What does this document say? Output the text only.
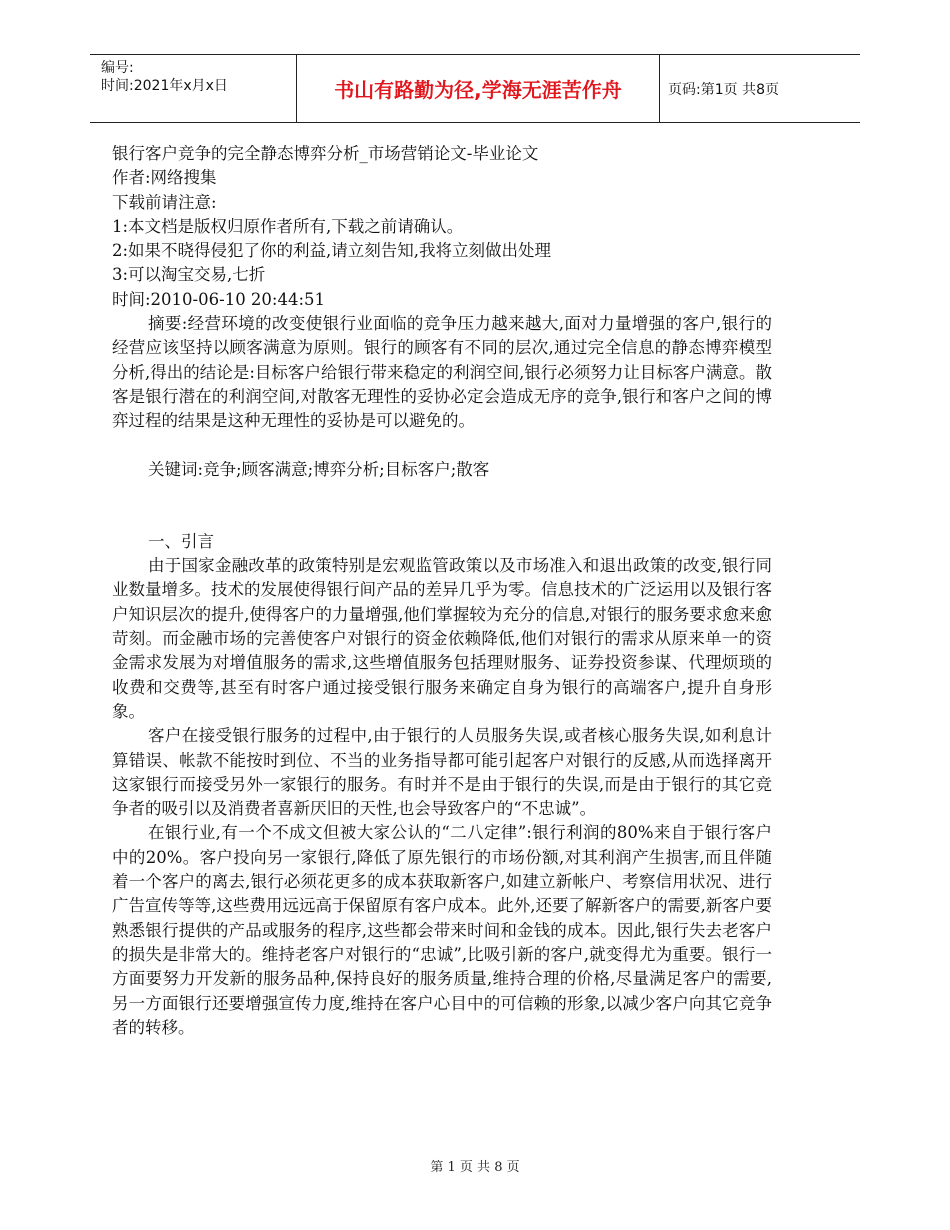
编号:
时间:2021年x月x日	书山有路勤为径,学海无涯苦作舟	页码:第1页 共8页
银行客户竞争的完全静态博弈分析_市场营销论文-毕业论文
作者:网络搜集
下载前请注意:
1:本文档是版权归原作者所有,下载之前请确认。
2:如果不晓得侵犯了你的利益,请立刻告知,我将立刻做出处理
3:可以淘宝交易,七折
时间:2010-06-10 20:44:51

摘要:经营环境的改变使银行业面临的竞争压力越来越大,面对力量增强的客户,银行的经营应该坚持以顾客满意为原则。银行的顾客有不同的层次,通过完全信息的静态博弈模型分析,得出的结论是:目标客户给银行带来稳定的利润空间,银行必须努力让目标客户满意。散客是银行潜在的利润空间,对散客无理性的妥协必定会造成无序的竞争,银行和客户之间的博弈过程的结果是这种无理性的妥协是可以避免的。

关键词:竞争;顾客满意;博弈分析;目标客户;散客

一、引言

由于国家金融改革的政策特别是宏观监管政策以及市场准入和退出政策的改变,银行同业数量增多。技术的发展使得银行间产品的差异几乎为零。信息技术的广泛运用以及银行客户知识层次的提升,使得客户的力量增强,他们掌握较为充分的信息,对银行的服务要求愈来愈苛刻。而金融市场的完善使客户对银行的资金依赖降低,他们对银行的需求从原来单一的资金需求发展为对增值服务的需求,这些增值服务包括理财服务、证券投资参谋、代理烦琐的收费和交费等,甚至有时客户通过接受银行服务来确定自身为银行的高端客户,提升自身形象。

客户在接受银行服务的过程中,由于银行的人员服务失误,或者核心服务失误,如利息计算错误、帐款不能按时到位、不当的业务指导都可能引起客户对银行的反感,从而选择离开这家银行而接受另外一家银行的服务。有时并不是由于银行的失误,而是由于银行的其它竞争者的吸引以及消费者喜新厌旧的天性,也会导致客户的“不忠诚”。

在银行业,有一个不成文但被大家公认的“二八定律”:银行利润的80%来自于银行客户中的20%。客户投向另一家银行,降低了原先银行的市场份额,对其利润产生损害,而且伴随着一个客户的离去,银行必须花更多的成本获取新客户,如建立新帐户、考察信用状况、进行广告宣传等等,这些费用远远高于保留原有客户成本。此外,还要了解新客户的需要,新客户要熟悉银行提供的产品或服务的程序,这些都会带来时间和金钱的成本。因此,银行失去老客户的损失是非常大的。维持老客户对银行的“忠诚”,比吸引新的客户,就变得尤为重要。银行一方面要努力开发新的服务品种,保持良好的服务质量,维持合理的价格,尽量满足客户的需要,另一方面银行还要增强宣传力度,维持在客户心目中的可信赖的形象,以减少客户向其它竞争者的转移。

第 1 页 共 8 页
